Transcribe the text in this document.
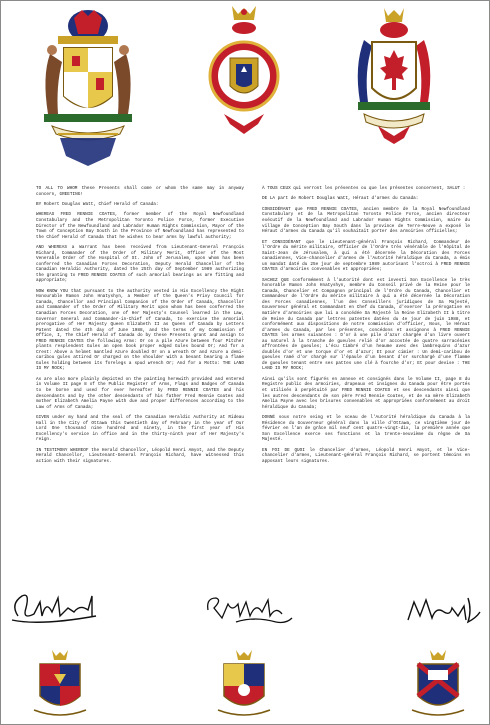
TO ALL TO WHOM these Presents shall come or whom the same may in anyway concern, GREETING!

BY Robert Douglas Watt, Chief Herald of Canada:

WHEREAS FRED RENNIE COATES, former member of the Royal Newfoundland Constabulary and the Metropolitan Toronto Police Force, former Executive Director of the Newfoundland and Labrador Human Rights Commission, Mayor of the Town of Conception Bay South in the Province of Newfoundland has represented to the Chief Herald of Canada that he wishes to bear arms by lawful authority;

AND WHEREAS a Warrant has been received from Lieutenant-General François Richard, Commander of the Order of Military Merit, Officer of the Most Venerable Order of the Hospital of St. John of Jerusalem, upon whom has been conferred the Canadian Forces Decoration, Deputy Herald Chancellor of the Canadian Heraldic Authority, dated the 25th day of September 1989 authorizing the granting to FRED RENNIE COATES of such armorial bearings as are fitting and appropriate;

NOW KNOW YOU that pursuant to the authority vested in His Excellency the Right Honourable Ramon John Hnatyshyn, a Member of the Queen's Privy Council for Canada, Chancellor and Principal Companion of the Order of Canada, Chancellor and Commander of the Order of Military Merit upon whom has been conferred the Canadian Forces Decoration, one of Her Majesty's Counsel learned in the Law, Governor General and Commander-in-Chief of Canada, to exercise the armorial prerogative of Her Majesty Queen Elizabeth II as Queen of Canada by Letters Patent dated the 4th day of June 1988, and the terms of my Commission of Office, I, The Chief Herald of Canada do by these Presents grant and assign to FRED RENNIE COATES the following Arms: Or on a pile Azure between four Pitcher plants resplendent Gules an open book proper edged Gules bound Or; And for a Crest: Above a helmet mantled Azure doubled Or on a wreath Or and Azure a demi-caribou gules attired Or charged on the shoulder with a besant bearing a flame Gules holding between its forelegs a spud wrench Or; And for a Motto: THE LAND IS MY ROCK;

As are also more plainly depicted on the painting herewith provided and entered in Volume II page 8 of the Public Register of Arms, Flags and Badges of Canada to be borne and used for ever hereafter by FRED RENNIE COATES and his descendants and by the other descendants of his father Fred Rennie Coates and mother Elizabeth Amelia Payne with due and proper differences according to the Law of Arms of Canada;

GIVEN under my hand and the seal of the Canadian Heraldic Authority at Rideau Hall in the City of Ottawa this twentieth day of February in the year of Our Lord One thousand nine hundred and ninety, in the first year of His Excellency's service in office and in the thirty-ninth year of Her Majesty's reign.

IN TESTIMONY WHEREOF the Herald Chancellor, Léopold Henri Amyot, and the Deputy Herald Chancellor, Lieutenant-General François Richard, have witnessed this action with their signatures.

À TOUS CEUX qui verront les présentes ou que les présentes concernent, SALUT :

DE LA part de Robert Douglas Watt, Héraut d'armes du Canada:

CONSIDÉRANT que FRED RENNIE COATES, ancien membre de la Royal Newfoundland Constabulary et de la Metropolitan Toronto Police Force, ancien directeur exécutif de la Newfoundland and Labrador Human Rights Commission, maire du village de Conception Bay South dans la province de Terre-Neuve a exposé le Héraut d'armes du Canada qu'il souhaitait porter des armoiries officielles;

ET CONSIDÉRANT que le Lieutenant-général François Richard, Commandeur de l'Ordre du mérite militaire, Officier de l'Ordre très vénérable de l'Hôpital de Saint-Jean de Jérusalem, à qui a été décernée la Décoration des Forces canadiennes, Vice-chancelier d'armes de l'Autorité héraldique du Canada, a émis un mandat daté du 25e jour de septembre 1989 autorisant l'octroi à FRED RENNIE COATES d'armoiries convenables et appropriées;

SACHEZ QUE conformément à l'autorité dont est investi Son Excellence le très honorable Ramon John Hnatyshyn, membre du Conseil privé de la Reine pour le Canada, Chancelier et Compagnon principal de l'Ordre du Canada, Chancelier et Commandeur de l'Ordre du mérite militaire à qui a été décernée la Décoration des Forces canadiennes, l'un des Conseillers juridiques de Sa Majesté, Gouverneur général et Commandant en Chef du Canada, d'exercer la prérogative en matière d'armoiries que lui a concédée Sa Majesté la Reine Elizabeth II à titre de Reine du Canada par lettres patentes datées du 4e jour de juin 1988, et conformément aux dispositions de notre commission d'officier, Nous, le Héraut d'armes du Canada, par les présentes, concédons et assignons à FRED RENNIE COATES les armes suivantes : D'or à une pile d'azur chargée d'un livre ouvert au naturel à la tranche de gueules relié d'or accostée de quatre sarracénies affrontées de gueules; L'écu timbré d'un heaume avec des lambrequins d'azur doublés d'or et une torque d'or et d'azur; Et pour cimier : Un demi-caribou de gueules ramé d'or chargé sur l'épaule d'un besant d'or surchargé d'une flamme de gueules tenant entre ses pattes une clé à fourche d'or; Et pour devise : THE LAND IS MY ROCK;

Ainsi qu'ils sont figurés en annexe et consignés dans le Volume II, page 8 du Registre public des armoiries, drapeaux et insignes du Canada pour être portés et utilisés à perpétuité par FRED RENNIE COATES et ses descendants ainsi que les autres descendants de son père Fred Rennie Coates, et de sa mère Elizabeth Amelia Payne avec les brisures convenables et appropriées conformément au droit héraldique du Canada;

DONNÉ sous notre seing et le sceau de l'Autorité héraldique du Canada à la Résidence du Gouverneur général dans la ville d'Ottawa, ce vingtième jour de février en l'an de grâce mil neuf cent quatre-vingt-dix, la première année que Son Excellence exerce ses fonctions et la trente-neuvième du règne de Sa Majesté.

EN FOI DE QUOI le Chancelier d'armes, Léopold Henri Amyot, et le Vice-chancelier d'armes, Lieutenant-général François Richard, se portent témoins en apposant leurs signatures.
